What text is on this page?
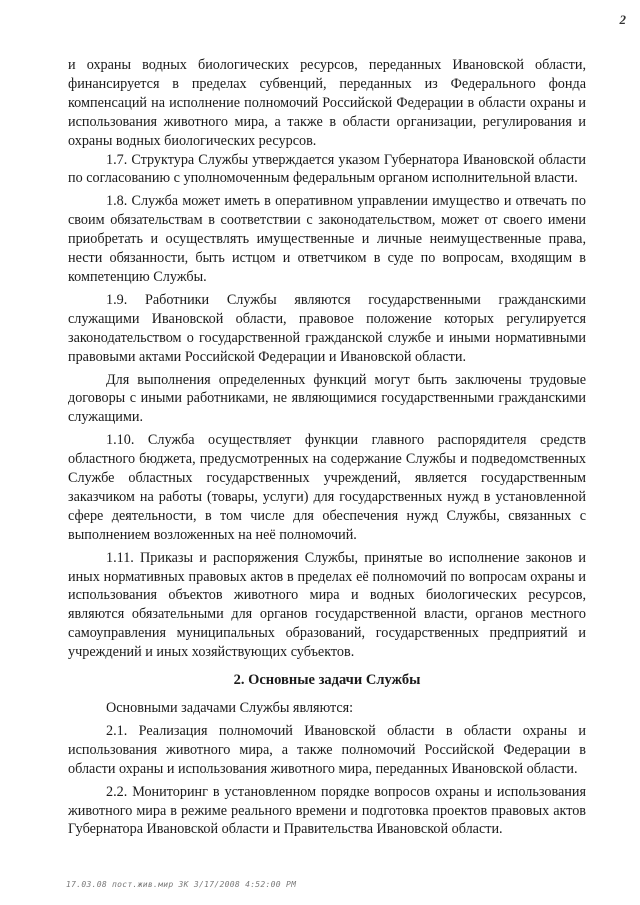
2

и охраны водных биологических ресурсов, переданных Ивановской области, финансируется в пределах субвенций, переданных из Федерального фонда компенсаций на исполнение полномочий Российской Федерации в области охраны и использования животного мира, а также в области организации, регулирования и охраны водных биологических ресурсов.

1.7. Структура Службы утверждается указом Губернатора Ивановской области по согласованию с уполномоченным федеральным органом исполнительной власти.

1.8. Служба может иметь в оперативном управлении имущество и отвечать по своим обязательствам в соответствии с законодательством, может от своего имени приобретать и осуществлять имущественные и личные неимущественные права, нести обязанности, быть истцом и ответчиком в суде по вопросам, входящим в компетенцию Службы.

1.9. Работники Службы являются государственными гражданскими служащими Ивановской области, правовое положение которых регулируется законодательством о государственной гражданской службе и иными нормативными правовыми актами Российской Федерации и Ивановской области.

Для выполнения определенных функций могут быть заключены трудовые договоры с иными работниками, не являющимися государственными гражданскими служащими.

1.10. Служба осуществляет функции главного распорядителя средств областного бюджета, предусмотренных на содержание Службы и подведомственных Службе областных государственных учреждений, является государственным заказчиком на работы (товары, услуги) для государственных нужд в установленной сфере деятельности, в том числе для обеспечения нужд Службы, связанных с выполнением возложенных на неё полномочий.

1.11. Приказы и распоряжения Службы, принятые во исполнение законов и иных нормативных правовых актов в пределах её полномочий по вопросам охраны и использования объектов животного мира и водных биологических ресурсов, являются обязательными для органов государственной власти, органов местного самоуправления муниципальных образований, государственных предприятий и учреждений и иных хозяйствующих субъектов.

2. Основные задачи Службы

Основными задачами Службы являются:

2.1. Реализация полномочий Ивановской области в области охраны и использования животного мира, а также полномочий Российской Федерации в области охраны и использования животного мира, переданных Ивановской области.

2.2. Мониторинг в установленном порядке вопросов охраны и использования животного мира в режиме реального времени и подготовка проектов правовых актов Губернатора Ивановской области и Правительства Ивановской области.

17.03.08 пост.жив.мир ЗК 3/17/2008 4:52:00 PM
